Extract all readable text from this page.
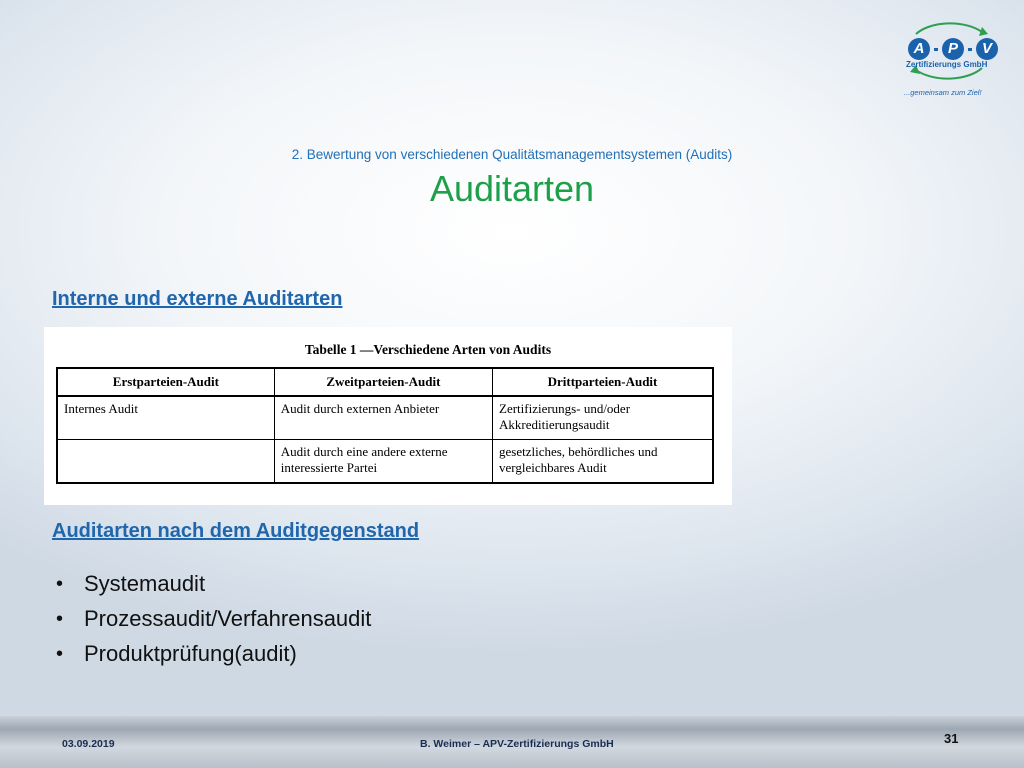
A	P	V
Zertifizierungs GmbH
...gemeinsam zum Ziel!
2. Bewertung von verschiedenen Qualitätsmanagementsystemen (Audits)
Auditarten
Interne und externe Auditarten
Tabelle 1 —Verschiedene Arten von Audits
Erstparteien-Audit	Zweitparteien-Audit	Drittparteien-Audit
Internes Audit	Audit durch externen Anbieter	Zertifizierungs- und/oder Akkreditierungsaudit
	Audit durch eine andere externe interessierte Partei	gesetzliches, behördliches und vergleichbares Audit
Auditarten nach dem Auditgegenstand
• Systemaudit
• Prozessaudit/Verfahrensaudit
• Produktprüfung(audit)
03.09.2019	B. Weimer – APV-Zertifizierungs GmbH	31
